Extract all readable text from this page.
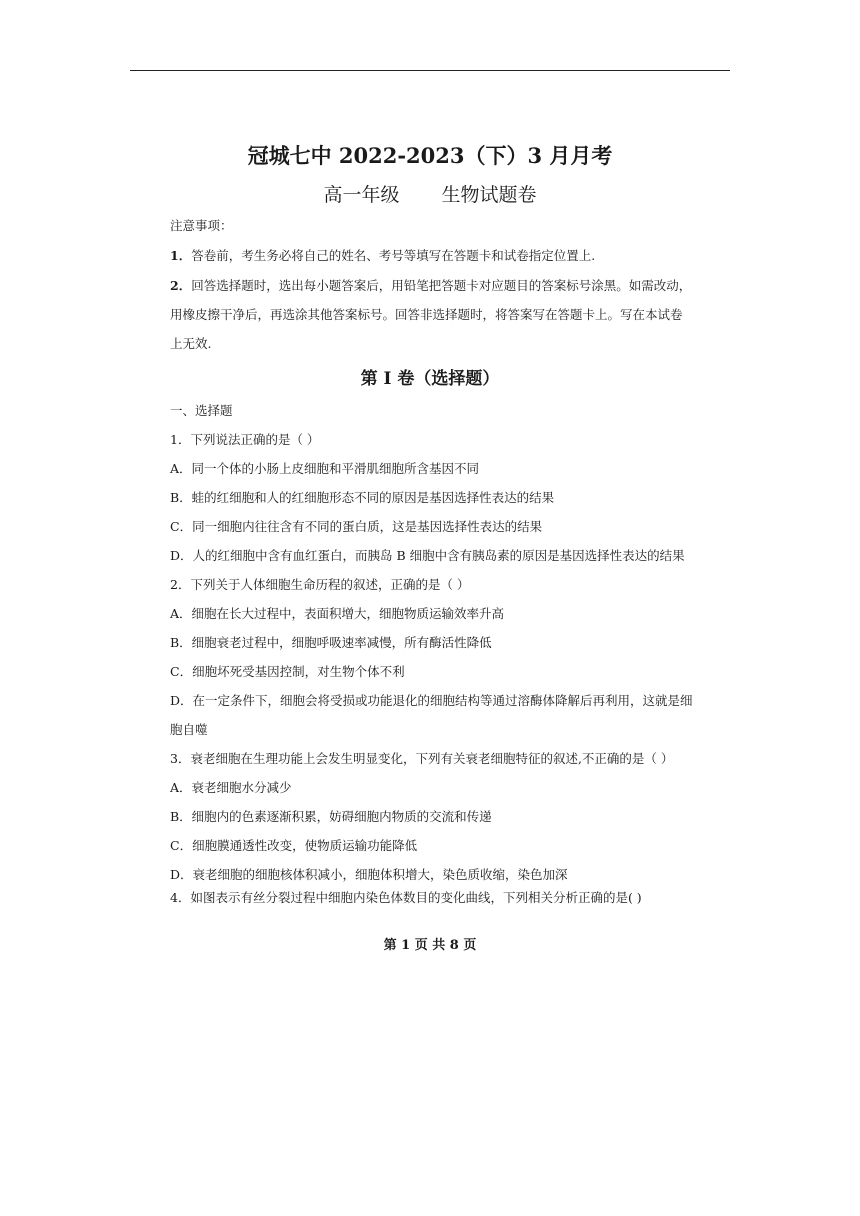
冠城七中 2022-2023（下）3 月月考
高一年级 生物试题卷
注意事项：
1．答卷前，考生务必将自己的姓名、考号等填写在答题卡和试卷指定位置上.
2．回答选择题时，选出每小题答案后，用铅笔把答题卡对应题目的答案标号涂黑。如需改动，
用橡皮擦干净后，再选涂其他答案标号。回答非选择题时，将答案写在答题卡上。写在本试卷
上无效.
第 I 卷（选择题）
一、选择题
1．下列说法正确的是（ ）
A．同一个体的小肠上皮细胞和平滑肌细胞所含基因不同
B．蛙的红细胞和人的红细胞形态不同的原因是基因选择性表达的结果
C．同一细胞内往往含有不同的蛋白质，这是基因选择性表达的结果
D．人的红细胞中含有血红蛋白，而胰岛 B 细胞中含有胰岛素的原因是基因选择性表达的结果
2．下列关于人体细胞生命历程的叙述，正确的是（ ）
A．细胞在长大过程中，表面积增大，细胞物质运输效率升高
B．细胞衰老过程中，细胞呼吸速率减慢，所有酶活性降低
C．细胞坏死受基因控制，对生物个体不利
D．在一定条件下，细胞会将受损或功能退化的细胞结构等通过溶酶体降解后再利用，这就是细
胞自噬
3．衰老细胞在生理功能上会发生明显变化，下列有关衰老细胞特征的叙述,不正确的是（ ）
A．衰老细胞水分减少
B．细胞内的色素逐渐积累，妨碍细胞内物质的交流和传递
C．细胞膜通透性改变，使物质运输功能降低
D．衰老细胞的细胞核体积减小，细胞体积增大，染色质收缩，染色加深
4．如图表示有丝分裂过程中细胞内染色体数目的变化曲线，下列相关分析正确的是( )
第 1 页 共 8 页
